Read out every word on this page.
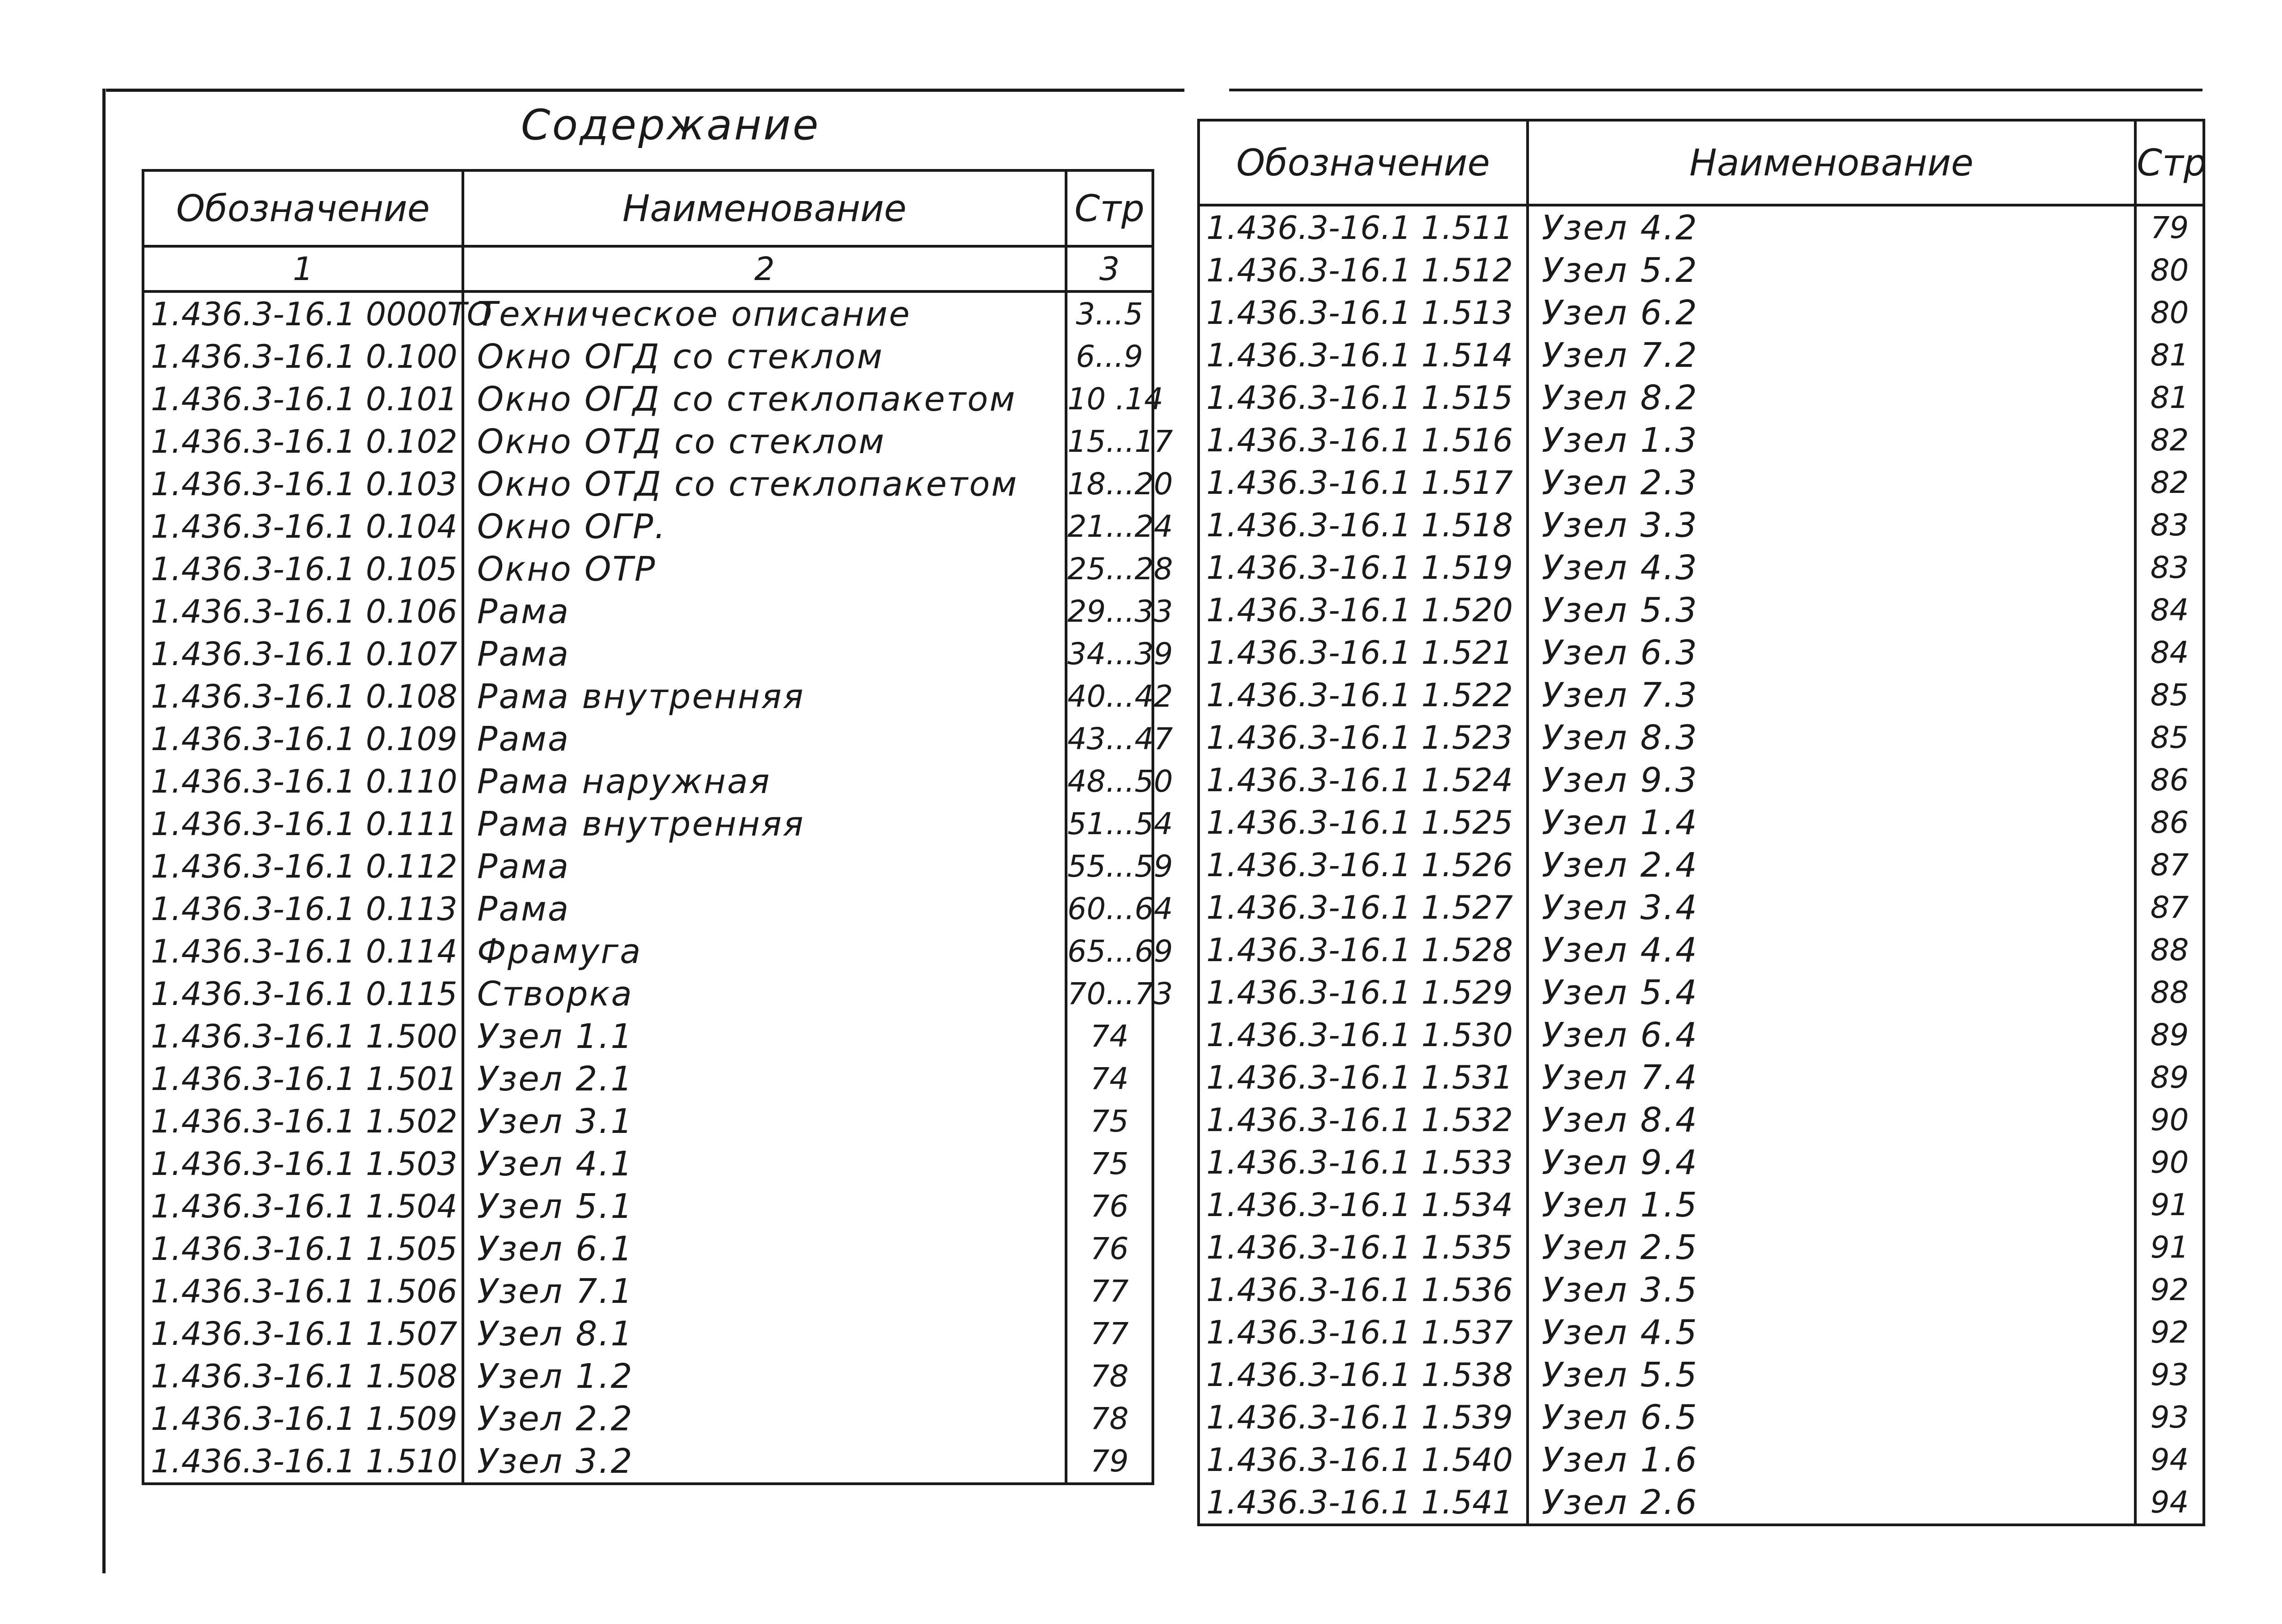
Содержание
Обозначение	Наименование	Стр
1	2	3
1.436.3-16.1 0000ТО	Техническое описание	3...5
1.436.3-16.1 0.100	Окно ОГД со стеклом	6...9
1.436.3-16.1 0.101	Окно ОГД со стеклопакетом	10 .14
1.436.3-16.1 0.102	Окно ОТД со стеклом	15...17
1.436.3-16.1 0.103	Окно ОТД со стеклопакетом	18...20
1.436.3-16.1 0.104	Окно ОГР.	21...24
1.436.3-16.1 0.105	Окно ОТР	25...28
1.436.3-16.1 0.106	Рама	29...33
1.436.3-16.1 0.107	Рама	34...39
1.436.3-16.1 0.108	Рама внутренняя	40...42
1.436.3-16.1 0.109	Рама	43...47
1.436.3-16.1 0.110	Рама наружная	48...50
1.436.3-16.1 0.111	Рама внутренняя	51...54
1.436.3-16.1 0.112	Рама	55...59
1.436.3-16.1 0.113	Рама	60...64
1.436.3-16.1 0.114	Фрамуга	65...69
1.436.3-16.1 0.115	Створка	70...73
1.436.3-16.1 1.500	Узел 1.1	74
1.436.3-16.1 1.501	Узел 2.1	74
1.436.3-16.1 1.502	Узел 3.1	75
1.436.3-16.1 1.503	Узел 4.1	75
1.436.3-16.1 1.504	Узел 5.1	76
1.436.3-16.1 1.505	Узел 6.1	76
1.436.3-16.1 1.506	Узел 7.1	77
1.436.3-16.1 1.507	Узел 8.1	77
1.436.3-16.1 1.508	Узел 1.2	78
1.436.3-16.1 1.509	Узел 2.2	78
1.436.3-16.1 1.510	Узел 3.2	79
Обозначение	Наименование	Стр
1.436.3-16.1 1.511	Узел 4.2	79
1.436.3-16.1 1.512	Узел 5.2	80
1.436.3-16.1 1.513	Узел 6.2	80
1.436.3-16.1 1.514	Узел 7.2	81
1.436.3-16.1 1.515	Узел 8.2	81
1.436.3-16.1 1.516	Узел 1.3	82
1.436.3-16.1 1.517	Узел 2.3	82
1.436.3-16.1 1.518	Узел 3.3	83
1.436.3-16.1 1.519	Узел 4.3	83
1.436.3-16.1 1.520	Узел 5.3	84
1.436.3-16.1 1.521	Узел 6.3	84
1.436.3-16.1 1.522	Узел 7.3	85
1.436.3-16.1 1.523	Узел 8.3	85
1.436.3-16.1 1.524	Узел 9.3	86
1.436.3-16.1 1.525	Узел 1.4	86
1.436.3-16.1 1.526	Узел 2.4	87
1.436.3-16.1 1.527	Узел 3.4	87
1.436.3-16.1 1.528	Узел 4.4	88
1.436.3-16.1 1.529	Узел 5.4	88
1.436.3-16.1 1.530	Узел 6.4	89
1.436.3-16.1 1.531	Узел 7.4	89
1.436.3-16.1 1.532	Узел 8.4	90
1.436.3-16.1 1.533	Узел 9.4	90
1.436.3-16.1 1.534	Узел 1.5	91
1.436.3-16.1 1.535	Узел 2.5	91
1.436.3-16.1 1.536	Узел 3.5	92
1.436.3-16.1 1.537	Узел 4.5	92
1.436.3-16.1 1.538	Узел 5.5	93
1.436.3-16.1 1.539	Узел 6.5	93
1.436.3-16.1 1.540	Узел 1.6	94
1.436.3-16.1 1.541	Узел 2.6	94
